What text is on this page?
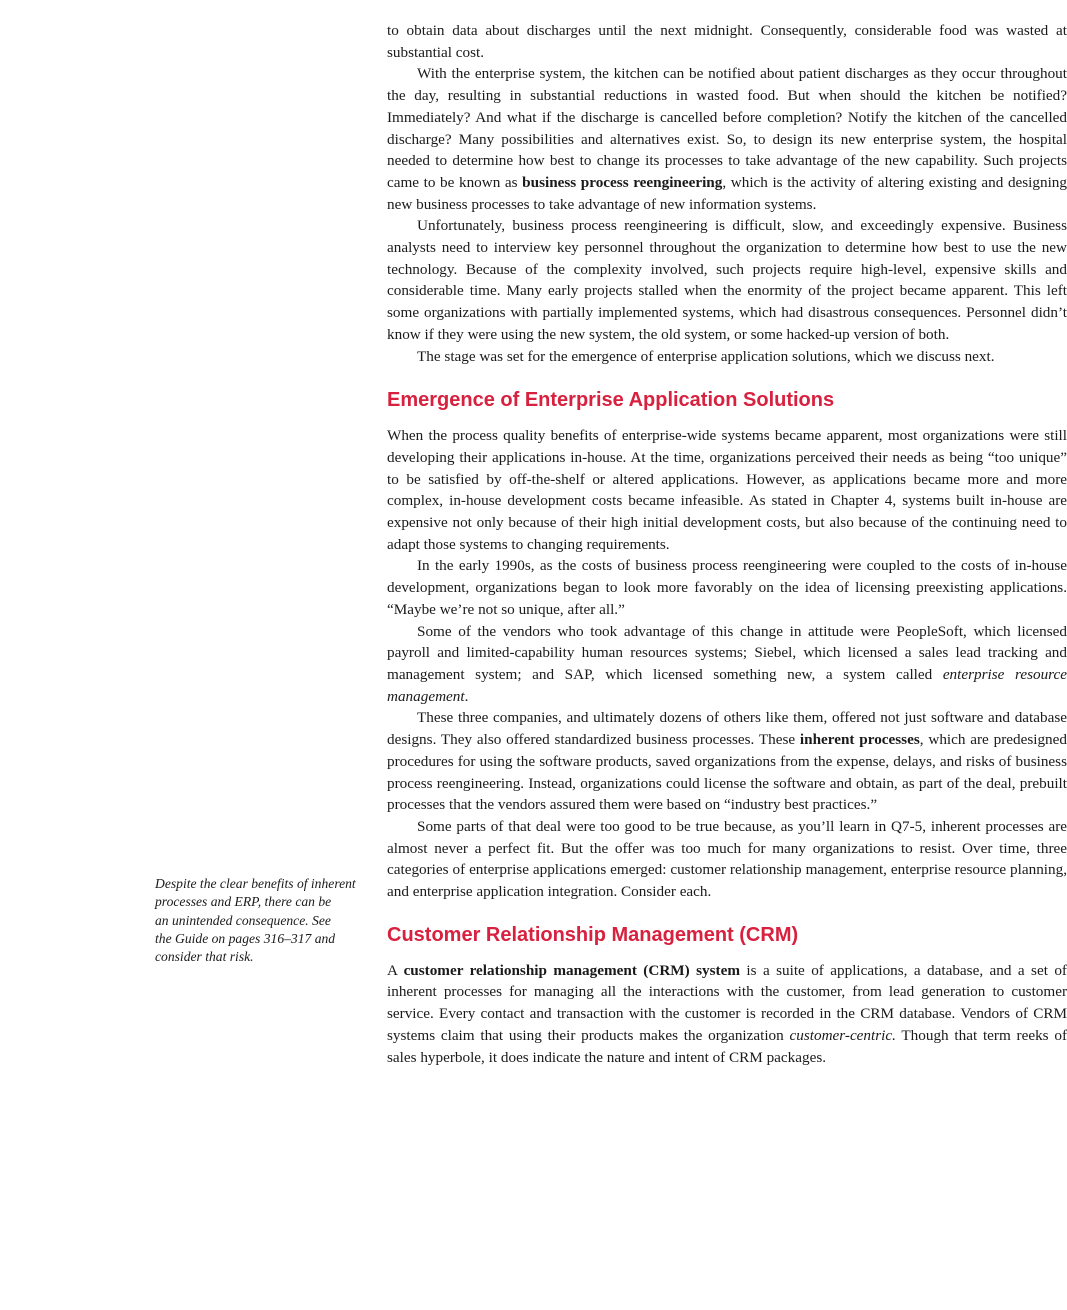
to obtain data about discharges until the next midnight. Consequently, considerable food was wasted at substantial cost.

With the enterprise system, the kitchen can be notified about patient discharges as they occur throughout the day, resulting in substantial reductions in wasted food. But when should the kitchen be notified? Immediately? And what if the discharge is cancelled before completion? Notify the kitchen of the cancelled discharge? Many possibilities and alternatives exist. So, to design its new enterprise system, the hospital needed to determine how best to change its processes to take advantage of the new capability. Such projects came to be known as business process reengineering, which is the activity of altering existing and designing new business processes to take advantage of new information systems.

Unfortunately, business process reengineering is difficult, slow, and exceedingly expensive. Business analysts need to interview key personnel throughout the organization to determine how best to use the new technology. Because of the complexity involved, such projects require high-level, expensive skills and considerable time. Many early projects stalled when the enormity of the project became apparent. This left some organizations with partially implemented systems, which had disastrous consequences. Personnel didn’t know if they were using the new system, the old system, or some hacked-up version of both.

The stage was set for the emergence of enterprise application solutions, which we discuss next.

Emergence of Enterprise Application Solutions

When the process quality benefits of enterprise-wide systems became apparent, most organizations were still developing their applications in-house. At the time, organizations perceived their needs as being “too unique” to be satisfied by off-the-shelf or altered applications. However, as applications became more and more complex, in-house development costs became infeasible. As stated in Chapter 4, systems built in-house are expensive not only because of their high initial development costs, but also because of the continuing need to adapt those systems to changing requirements.

In the early 1990s, as the costs of business process reengineering were coupled to the costs of in-house development, organizations began to look more favorably on the idea of licensing preexisting applications. “Maybe we’re not so unique, after all.”

Some of the vendors who took advantage of this change in attitude were PeopleSoft, which licensed payroll and limited-capability human resources systems; Siebel, which licensed a sales lead tracking and management system; and SAP, which licensed something new, a system called enterprise resource management.

These three companies, and ultimately dozens of others like them, offered not just software and database designs. They also offered standardized business processes. These inherent processes, which are predesigned procedures for using the software products, saved organizations from the expense, delays, and risks of business process reengineering. Instead, organizations could license the software and obtain, as part of the deal, prebuilt processes that the vendors assured them were based on “industry best practices.”

Some parts of that deal were too good to be true because, as you’ll learn in Q7-5, inherent processes are almost never a perfect fit. But the offer was too much for many organizations to resist. Over time, three categories of enterprise applications emerged: customer relationship management, enterprise resource planning, and enterprise application integration. Consider each.

Customer Relationship Management (CRM)

A customer relationship management (CRM) system is a suite of applications, a database, and a set of inherent processes for managing all the interactions with the customer, from lead generation to customer service. Every contact and transaction with the customer is recorded in the CRM database. Vendors of CRM systems claim that using their products makes the organization customer-centric. Though that term reeks of sales hyperbole, it does indicate the nature and intent of CRM packages.

Despite the clear benefits of inherent
processes and ERP, there can be
an unintended consequence. See
the Guide on pages 316–317 and
consider that risk.
